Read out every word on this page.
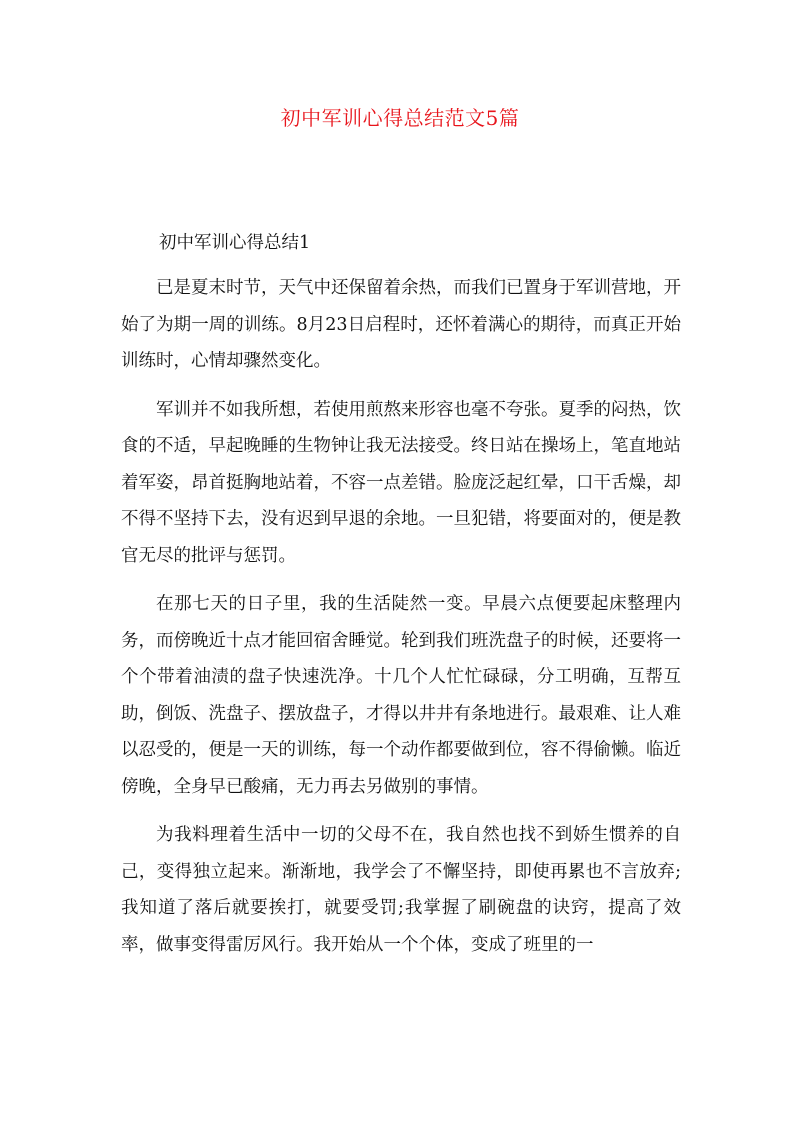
初中军训心得总结范文5篇
初中军训心得总结1

已是夏末时节，天气中还保留着余热，而我们已置身于军训营地，开始了为期一周的训练。8月23日启程时，还怀着满心的期待，而真正开始训练时，心情却骤然变化。

军训并不如我所想，若使用煎熬来形容也毫不夸张。夏季的闷热，饮食的不适，早起晚睡的生物钟让我无法接受。终日站在操场上，笔直地站着军姿，昂首挺胸地站着，不容一点差错。脸庞泛起红晕，口干舌燥，却不得不坚持下去，没有迟到早退的余地。一旦犯错，将要面对的，便是教官无尽的批评与惩罚。

在那七天的日子里，我的生活陡然一变。早晨六点便要起床整理内务，而傍晚近十点才能回宿舍睡觉。轮到我们班洗盘子的时候，还要将一个个带着油渍的盘子快速洗净。十几个人忙忙碌碌，分工明确，互帮互助，倒饭、洗盘子、摆放盘子，才得以井井有条地进行。最艰难、让人难以忍受的，便是一天的训练，每一个动作都要做到位，容不得偷懒。临近傍晚，全身早已酸痛，无力再去另做别的事情。

为我料理着生活中一切的父母不在，我自然也找不到娇生惯养的自己，变得独立起来。渐渐地，我学会了不懈坚持，即使再累也不言放弃;我知道了落后就要挨打，就要受罚;我掌握了刷碗盘的诀窍，提高了效率，做事变得雷厉风行。我开始从一个个体，变成了班里的一
